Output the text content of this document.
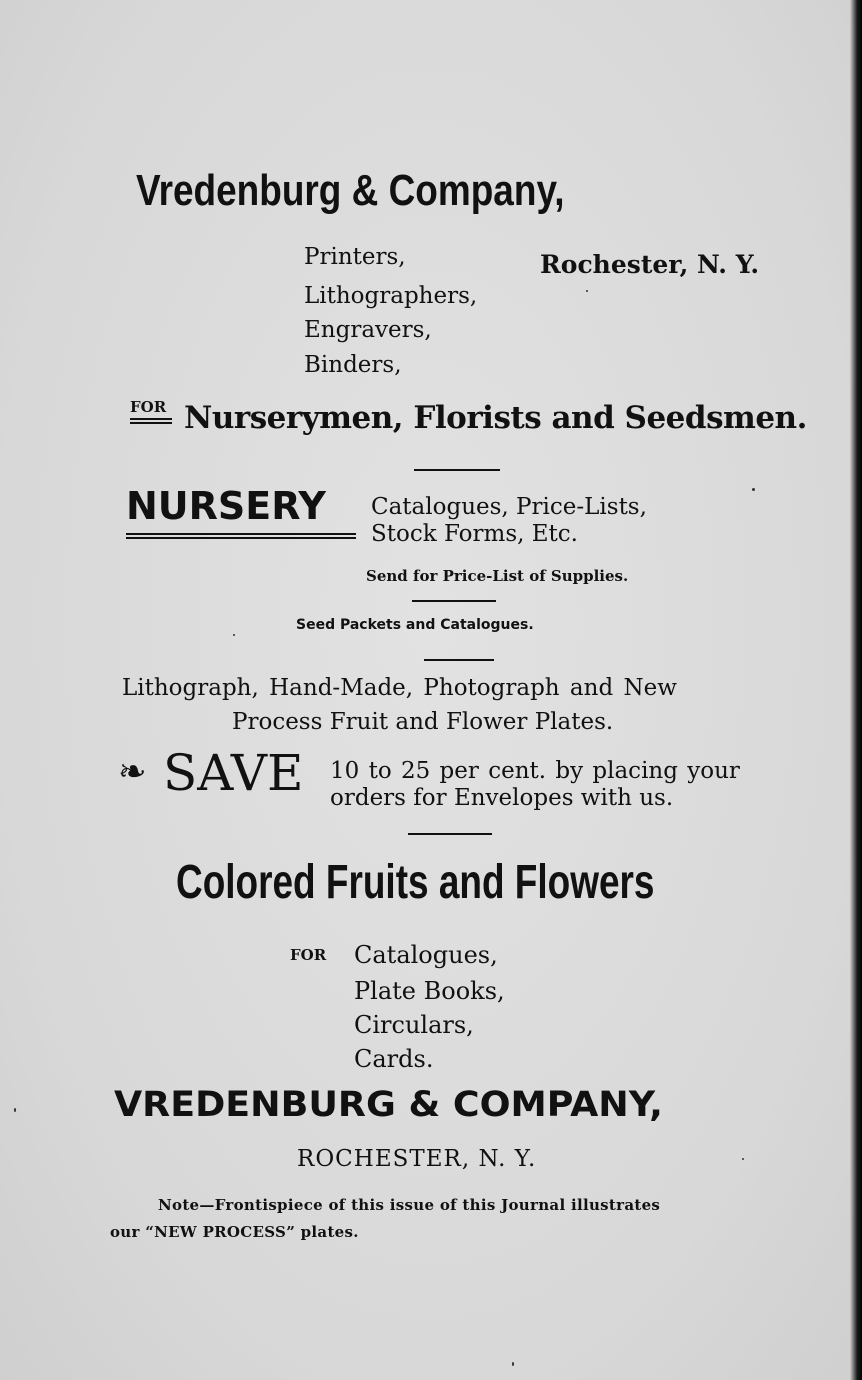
Vredenburg & Company,
Printers,
Lithographers,
Engravers,
Binders,
Rochester, N. Y.
FOR Nurserymen, Florists and Seedsmen.
NURSERY Catalogues, Price-Lists,
Stock Forms, Etc.
Send for Price-List of Supplies.
Seed Packets and Catalogues.
Lithograph, Hand-Made, Photograph and New
Process Fruit and Flower Plates.
❧ SAVE 10 to 25 per cent. by placing your
orders for Envelopes with us.
Colored Fruits and Flowers
FOR Catalogues,
Plate Books,
Circulars,
Cards.
VREDENBURG & COMPANY,
ROCHESTER, N. Y.
Note—Frontispiece of this issue of this Journal illustrates
our “NEW PROCESS” plates.
